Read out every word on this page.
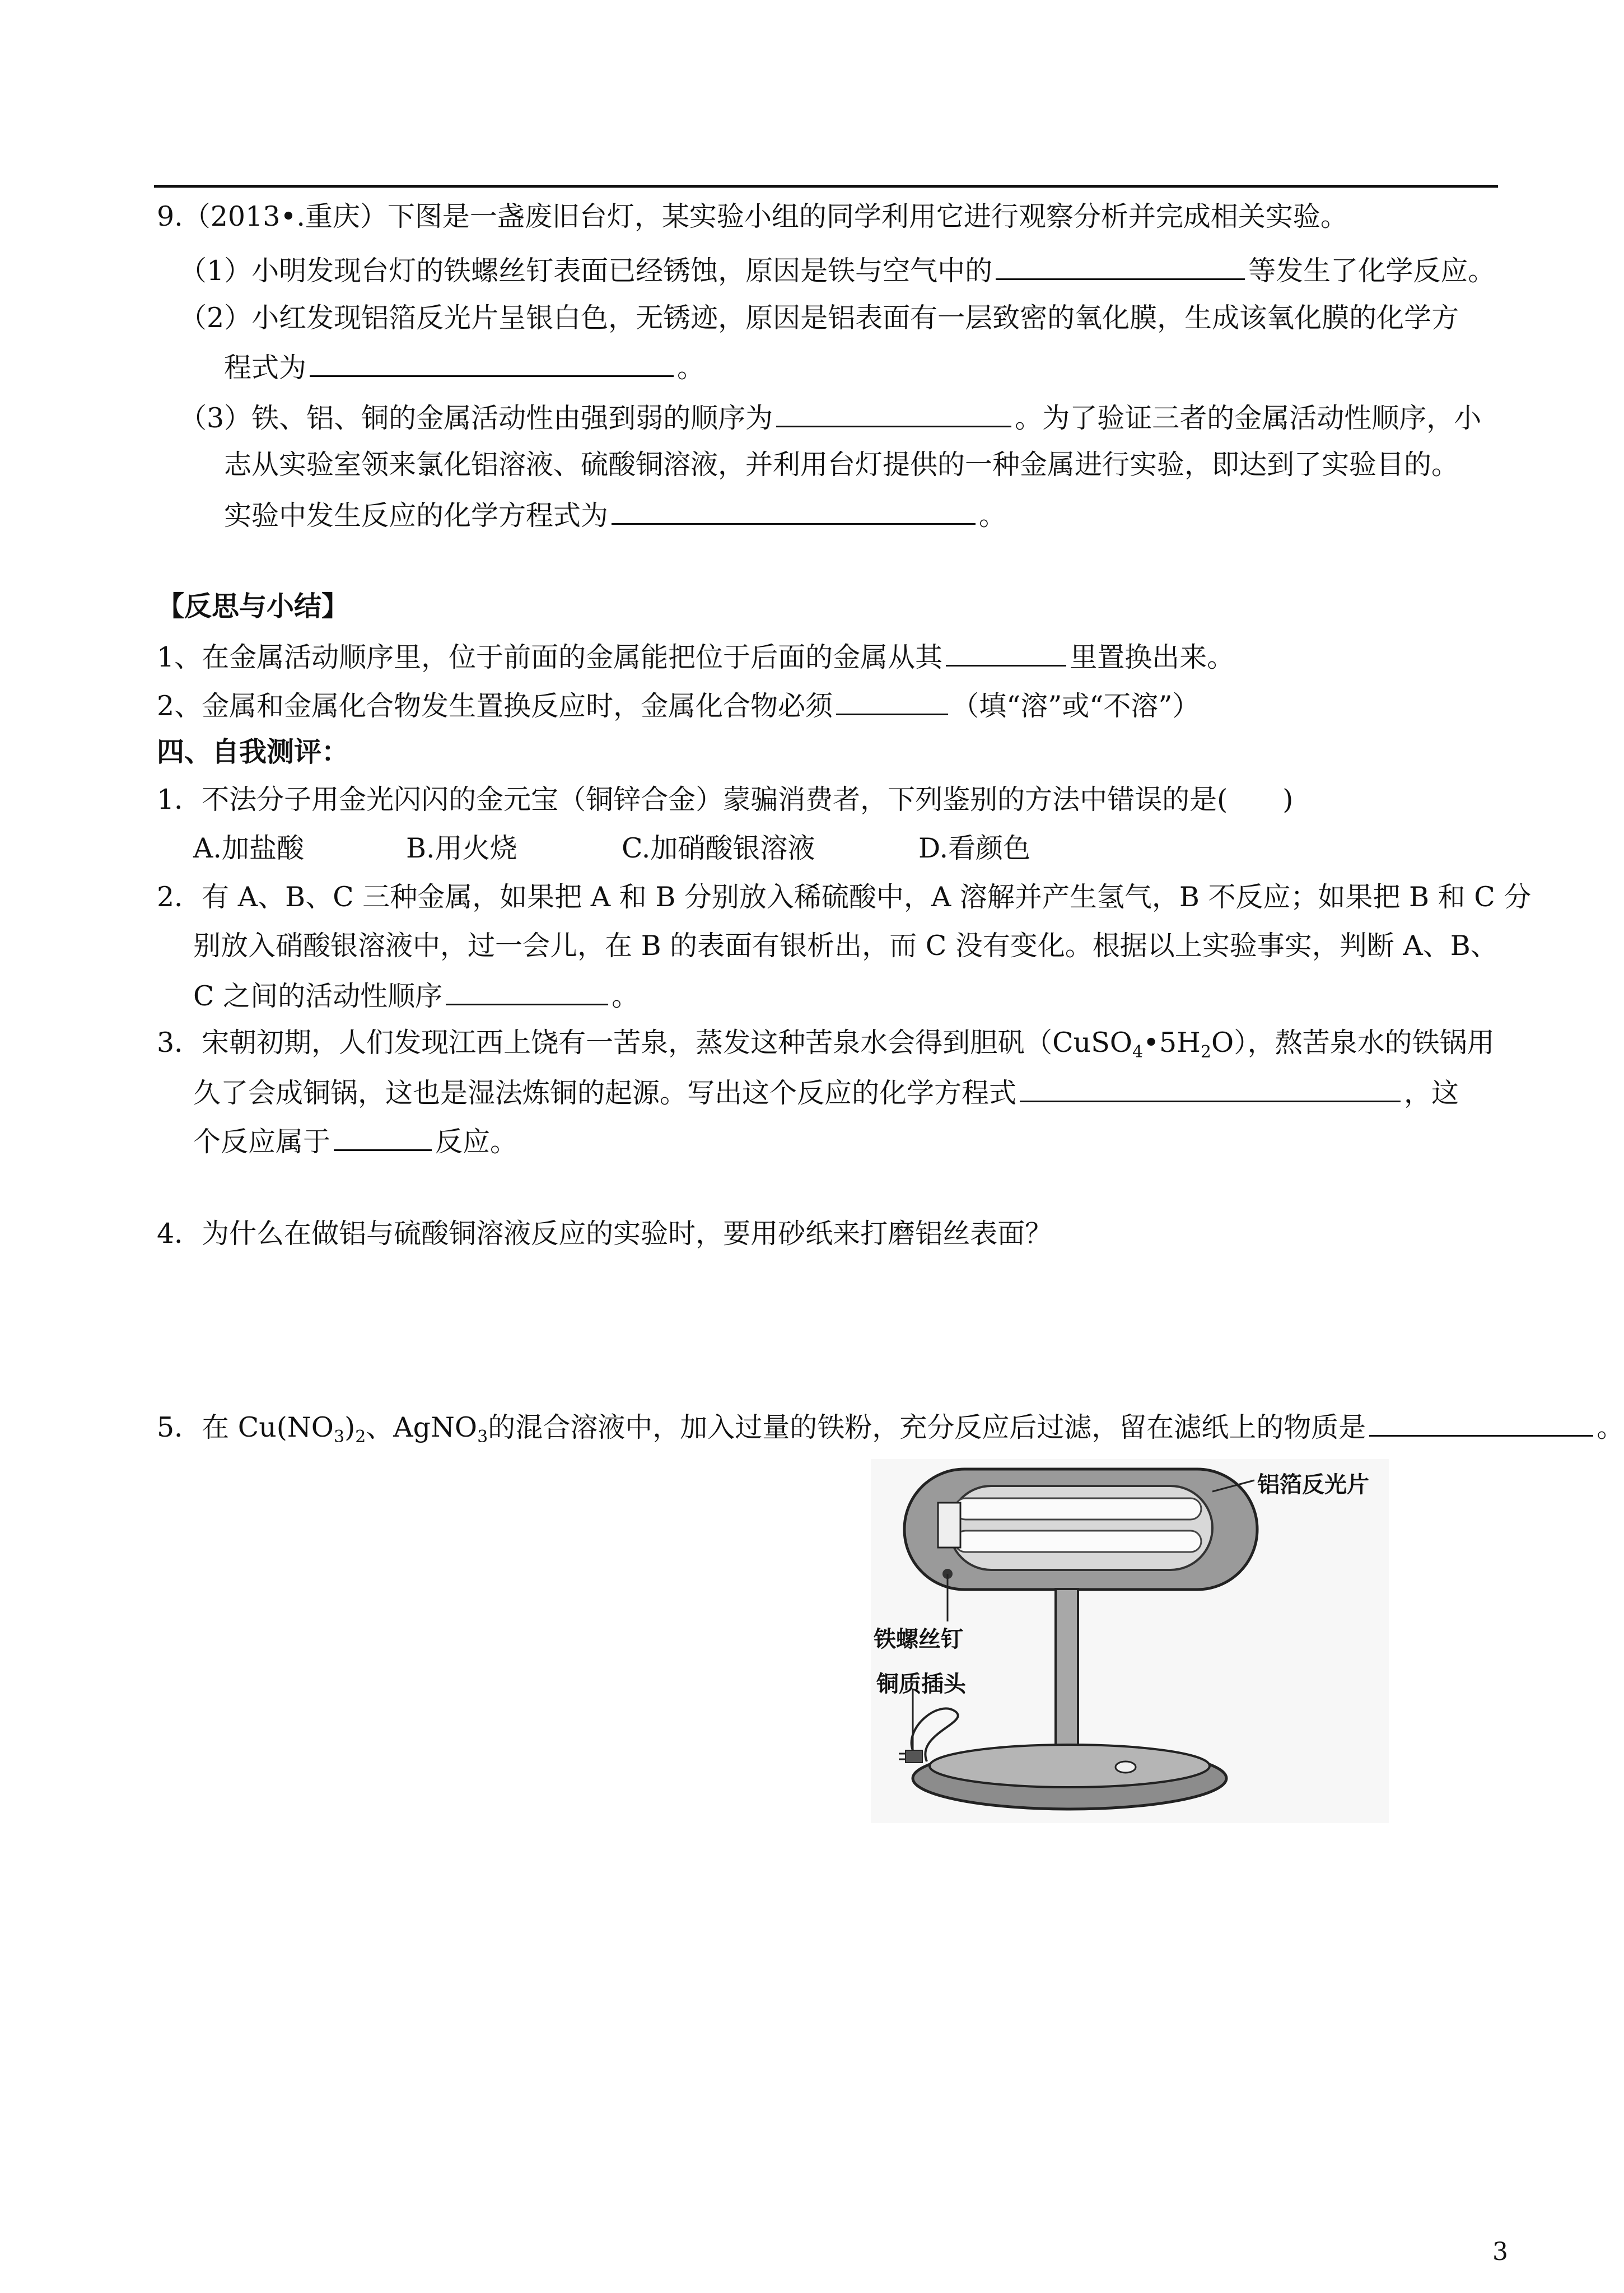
9.（2013•.重庆）下图是一盏废旧台灯，某实验小组的同学利用它进行观察分析并完成相关实验。
（1）小明发现台灯的铁螺丝钉表面已经锈蚀，原因是铁与空气中的	等发生了化学反应。
（2）小红发现铝箔反光片呈银白色，无锈迹，原因是铝表面有一层致密的氧化膜，生成该氧化膜的化学方
程式为	。
（3）铁、铝、铜的金属活动性由强到弱的顺序为	。为了验证三者的金属活动性顺序，小
志从实验室领来氯化铝溶液、硫酸铜溶液，并利用台灯提供的一种金属进行实验，即达到了实验目的。
实验中发生反应的化学方程式为	。
【反思与小结】
1、在金属活动顺序里，位于前面的金属能把位于后面的金属从其	里置换出来。
2、金属和金属化合物发生置换反应时，金属化合物必须	（填“溶”或“不溶”）
四、自我测评：
1．不法分子用金光闪闪的金元宝（铜锌合金）蒙骗消费者，下列鉴别的方法中错误的是(　　)
A.加盐酸	B.用火烧	C.加硝酸银溶液	D.看颜色
2．有 A、B、C 三种金属，如果把 A 和 B 分别放入稀硫酸中，A 溶解并产生氢气，B 不反应；如果把 B 和 C 分
别放入硝酸银溶液中，过一会儿，在 B 的表面有银析出，而 C 没有变化。根据以上实验事实，判断 A、B、
C 之间的活动性顺序	。
3．宋朝初期，人们发现江西上饶有一苦泉，蒸发这种苦泉水会得到胆矾$(CuSO_4•5H_2O)$，熬苦泉水的铁锅用
久了会成铜锅，这也是湿法炼铜的起源。写出这个反应的化学方程式	，这
个反应属于	反应。
4．为什么在做铝与硫酸铜溶液反应的实验时，要用砂纸来打磨铝丝表面？
5．在 $Cu(NO_3)_2$、AgNO$_3$的混合溶液中，加入过量的铁粉，充分反应后过滤，留在滤纸上的物质是	。
铝箔反光片
铁螺丝钉
铜质插头
3
